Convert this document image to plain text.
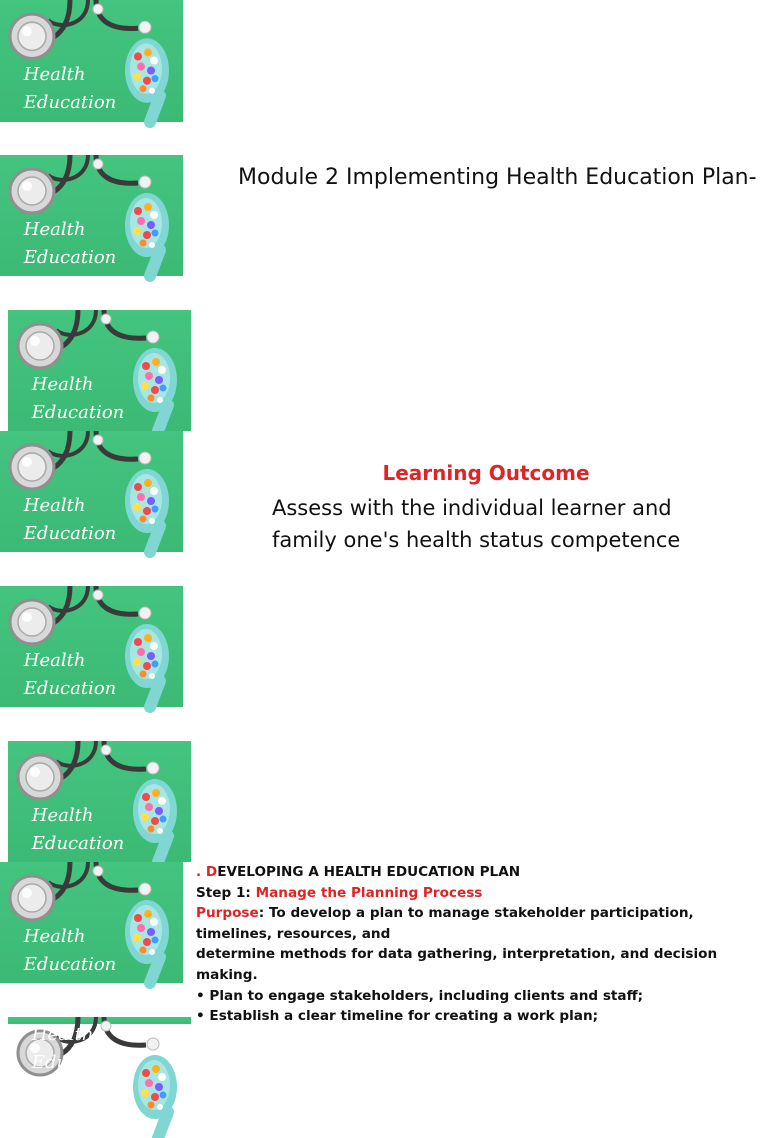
Health
Education
Health
Education
Health
Education
Health
Education
Health
Education
Health
Education
Health
Education
Health
Education
Module 2 Implementing Health Education Plan-
Learning Outcome
Assess with the individual learner and
family one's health status competence
. DEVELOPING A HEALTH EDUCATION PLAN
Step 1: Manage the Planning Process
Purpose: To develop a plan to manage stakeholder participation,
timelines, resources, and
determine methods for data gathering, interpretation, and decision
making.
• Plan to engage stakeholders, including clients and staff;
• Establish a clear timeline for creating a work plan;
